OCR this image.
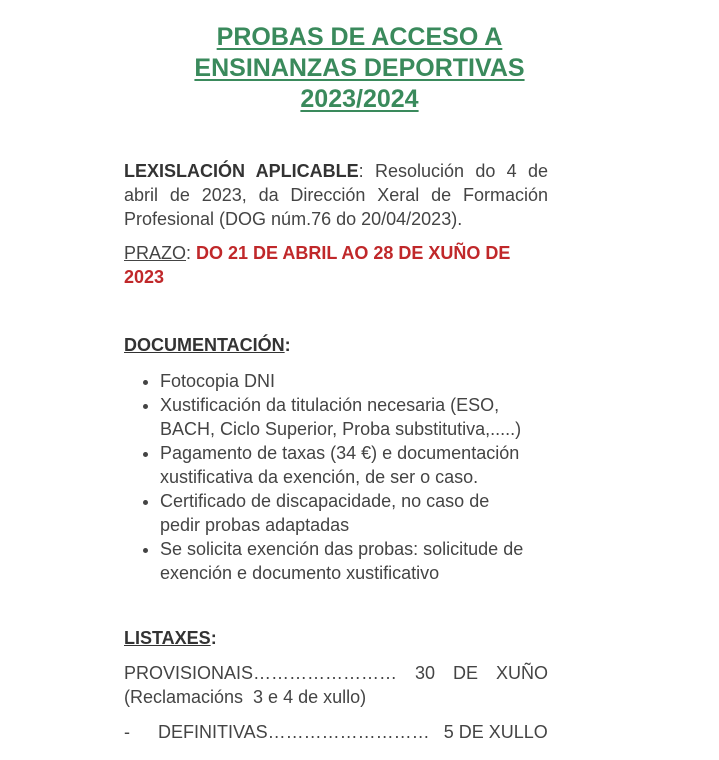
PROBAS DE ACCESO A
ENSINANZAS DEPORTIVAS
2023/2024
LEXISLACIÓN APLICABLE: Resolución do 4 de abril de 2023, da Dirección Xeral de Formación Profesional (DOG núm.76 do 20/04/2023).
PRAZO: DO 21 DE ABRIL AO 28 DE XUÑO DE 2023
DOCUMENTACIÓN:
• Fotocopia DNI
• Xustificación da titulación necesaria (ESO, BACH, Ciclo Superior, Proba substitutiva,.....)
• Pagamento de taxas (34 €) e documentación xustificativa da exención, de ser o caso.
• Certificado de discapacidade, no caso de pedir probas adaptadas
• Se solicita exención das probas: solicitude de exención e documento xustificativo
LISTAXES:
PROVISIONAIS…………………… 30 DE XUÑO
(Reclamacións  3 e 4 de xullo)
- DEFINITIVAS……………………… 5 DE XULLO
